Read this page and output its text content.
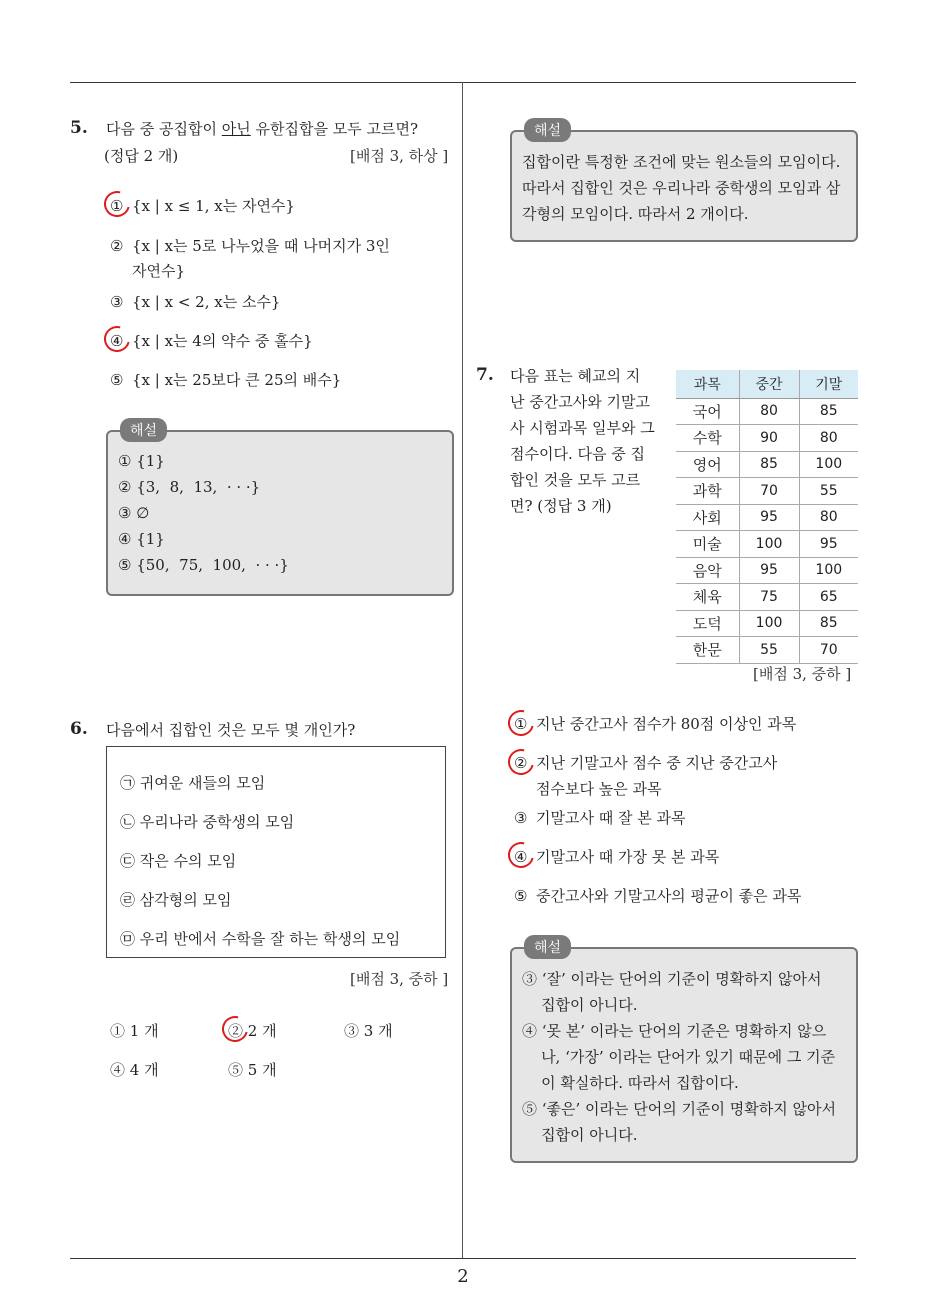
2
5. 다음 중 공집합이 아닌 유한집합을 모두 고르면?
(정답 2 개)	[배점 3, 하상 ]
① {x | x ≤ 1, x는 자연수}
② {x | x는 5로 나누었을 때 나머지가 3인
자연수}
③ {x | x < 2, x는 소수}
④ {x | x는 4의 약수 중 홀수}
⑤ {x | x는 25보다 큰 25의 배수}
해설
① {1}
② {3,  8,  13,  · · ·}
③ ∅
④ {1}
⑤ {50,  75,  100,  · · ·}
해설
집합이란 특정한 조건에 맞는 원소들의 모임이다.
따라서 집합인 것은 우리나라 중학생의 모임과 삼
각형의 모임이다. 따라서 2 개이다.
6. 다음에서 집합인 것은 모두 몇 개인가?
㉠ 귀여운 새들의 모임
㉡ 우리나라 중학생의 모임
㉢ 작은 수의 모임
㉣ 삼각형의 모임
㉤ 우리 반에서 수학을 잘 하는 학생의 모임
[배점 3, 중하 ]
① 1 개	② 2 개	③ 3 개
④ 4 개	⑤ 5 개
7. 다음 표는 혜교의 지
난 중간고사와 기말고
사 시험과목 일부와 그
점수이다. 다음 중 집
합인 것을 모두 고르
면? (정답 3 개)
과목	중간	기말
국어	80	85
수학	90	80
영어	85	100
과학	70	55
사회	95	80
미술	100	95
음악	95	100
체육	75	65
도덕	100	85
한문	55	70
[배점 3, 중하 ]
① 지난 중간고사 점수가 80점 이상인 과목
② 지난 기말고사 점수 중 지난 중간고사
점수보다 높은 과목
③ 기말고사 때 잘 본 과목
④ 기말고사 때 가장 못 본 과목
⑤ 중간고사와 기말고사의 평균이 좋은 과목
해설
③ ‘잘’ 이라는 단어의 기준이 명확하지 않아서
집합이 아니다.
④ ‘못 본’ 이라는 단어의 기준은 명확하지 않으
나, ‘가장’ 이라는 단어가 있기 때문에 그 기준
이 확실하다. 따라서 집합이다.
⑤ ‘좋은’ 이라는 단어의 기준이 명확하지 않아서
집합이 아니다.
